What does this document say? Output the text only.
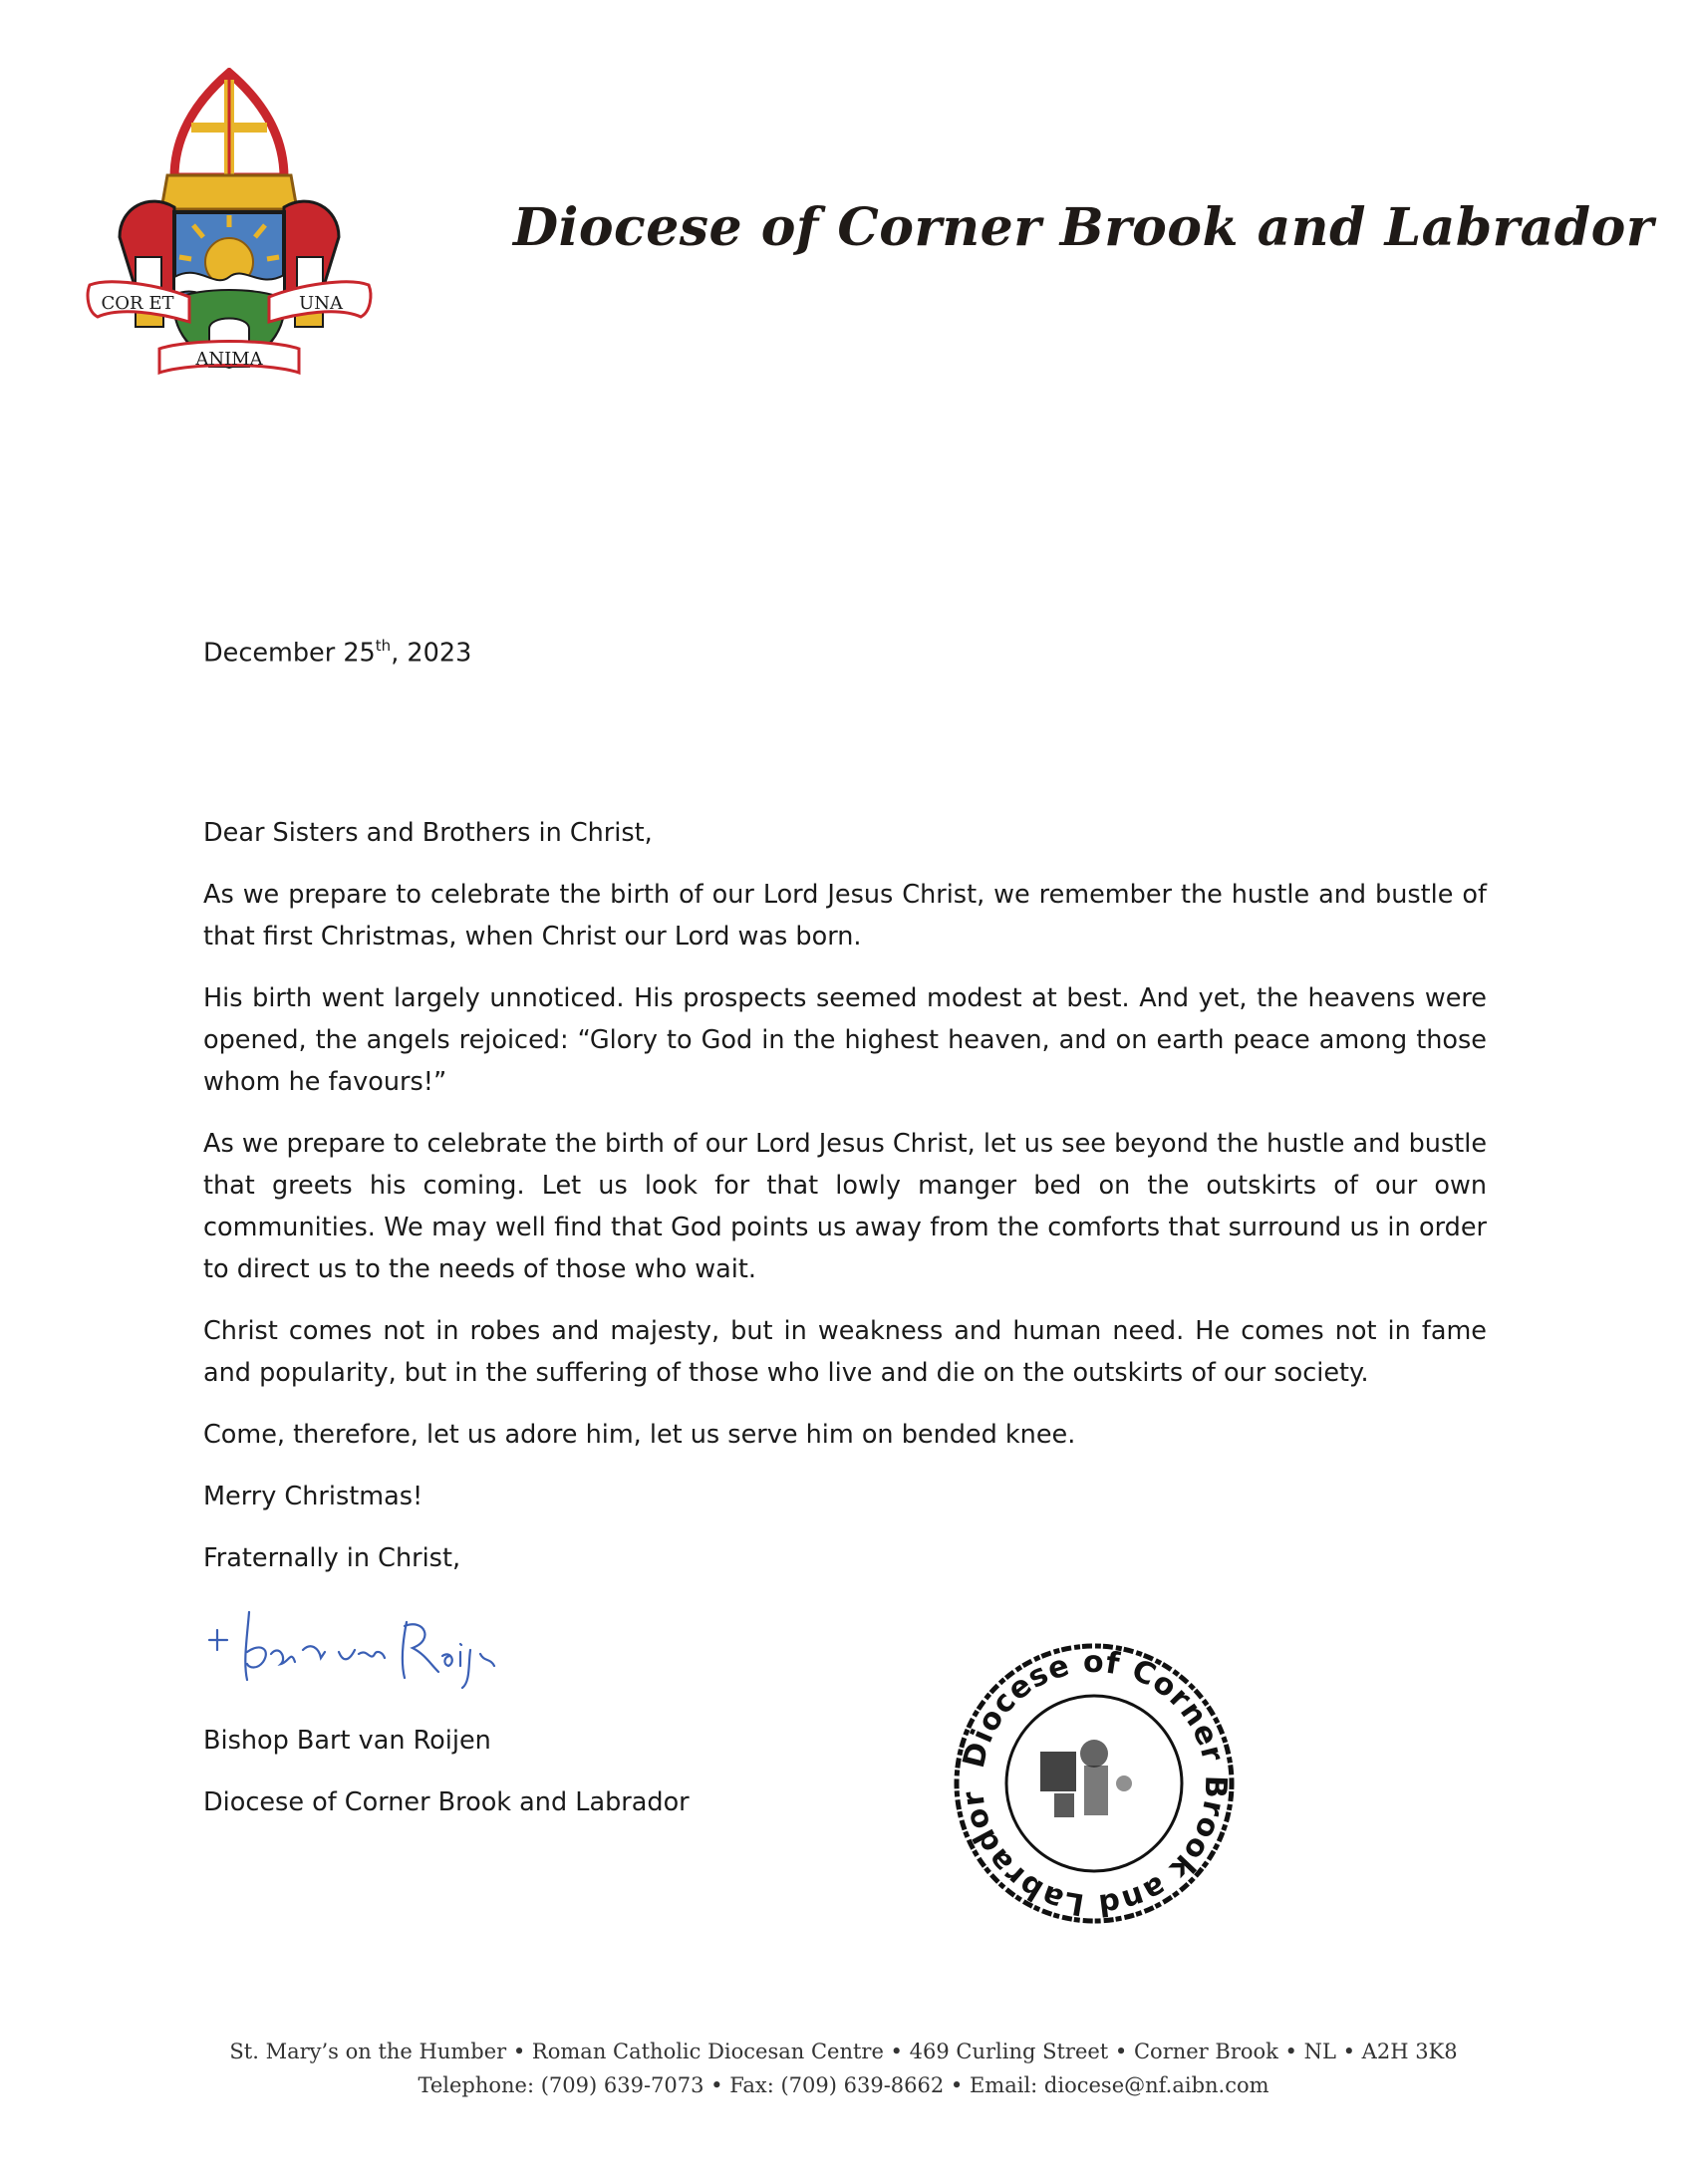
COR ET	UNA
ANIMA
Diocese of Corner Brook and Labrador
December 25th, 2023

Dear Sisters and Brothers in Christ,

As we prepare to celebrate the birth of our Lord Jesus Christ, we remember the hustle and bustle of that first Christmas, when Christ our Lord was born.

His birth went largely unnoticed. His prospects seemed modest at best. And yet, the heavens were opened, the angels rejoiced: “Glory to God in the highest heaven, and on earth peace among those whom he favours!”

As we prepare to celebrate the birth of our Lord Jesus Christ, let us see beyond the hustle and bustle that greets his coming. Let us look for that lowly manger bed on the outskirts of our own communities. We may well find that God points us away from the comforts that surround us in order to direct us to the needs of those who wait.

Christ comes not in robes and majesty, but in weakness and human need. He comes not in fame and popularity, but in the suffering of those who live and die on the outskirts of our society.

Come, therefore, let us adore him, let us serve him on bended knee.

Merry Christmas!

Fraternally in Christ,

Bishop Bart van Roijen
Diocese of Corner Brook and Labrador
Diocese of Corner Brook and Labrador
St. Mary’s on the Humber • Roman Catholic Diocesan Centre • 469 Curling Street • Corner Brook • NL • A2H 3K8
Telephone: (709) 639-7073 • Fax: (709) 639-8662 • Email: diocese@nf.aibn.com
